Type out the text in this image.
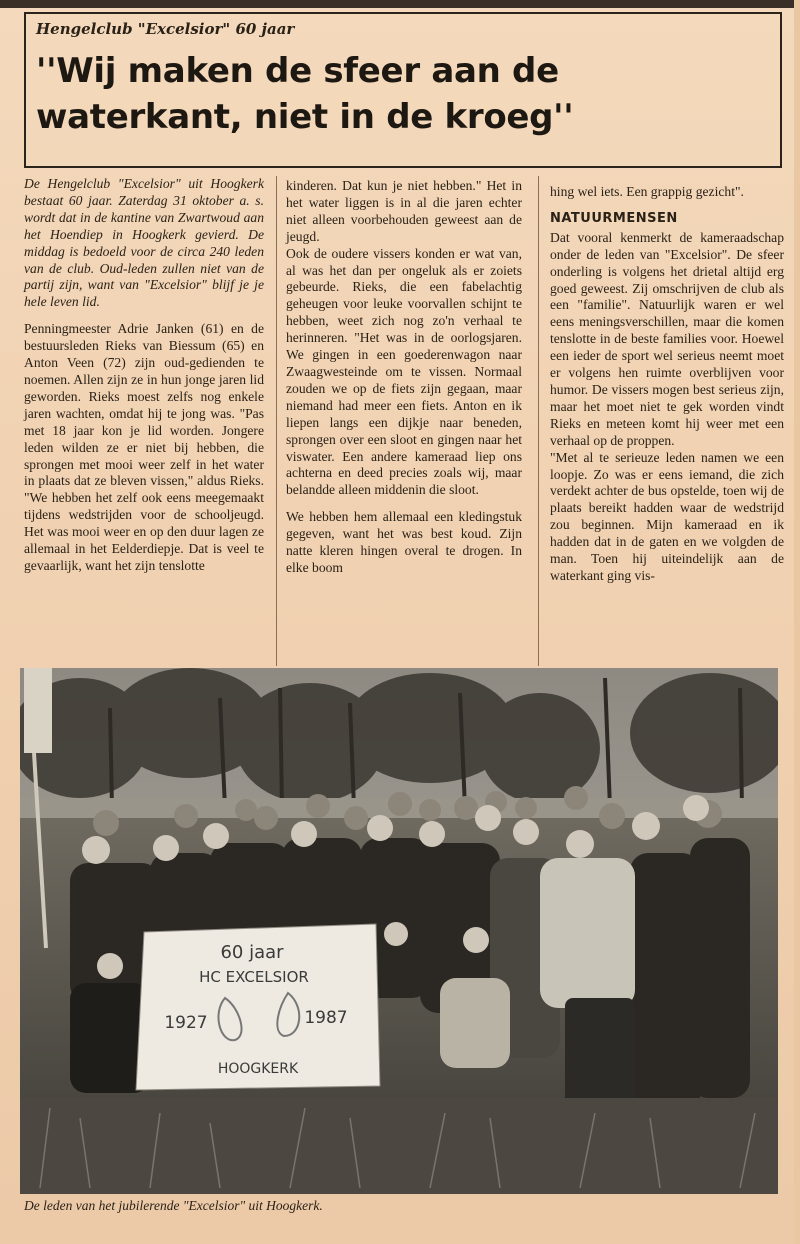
Hengelclub "Excelsior" 60 jaar
''Wij maken de sfeer aan de waterkant, niet in de kroeg''

De Hengelclub "Excelsior" uit Hoogkerk bestaat 60 jaar. Zaterdag 31 oktober a. s. wordt dat in de kantine van Zwartwoud aan het Hoendiep in Hoogkerk gevierd. De middag is bedoeld voor de circa 240 leden van de club. Oud-leden zullen niet van de partij zijn, want van "Excelsior" blijf je je hele leven lid.

Penningmeester Adrie Janken (61) en de bestuursleden Rieks van Biessum (65) en Anton Veen (72) zijn oud-gedienden te noemen. Allen zijn ze in hun jonge jaren lid geworden. Rieks moest zelfs nog enkele jaren wachten, omdat hij te jong was. "Pas met 18 jaar kon je lid worden. Jongere leden wilden ze er niet bij hebben, die sprongen met mooi weer zelf in het water in plaats dat ze bleven vissen," aldus Rieks. "We hebben het zelf ook eens meegemaakt tijdens wedstrijden voor de schooljeugd. Het was mooi weer en op den duur lagen ze allemaal in het Eelderdiepje. Dat is veel te gevaarlijk, want het zijn tenslotte

kinderen. Dat kun je niet hebben." Het in het water liggen is in al die jaren echter niet alleen voorbehouden geweest aan de jeugd.

Ook de oudere vissers konden er wat van, al was het dan per ongeluk als er zoiets gebeurde. Rieks, die een fabelachtig geheugen voor leuke voorvallen schijnt te hebben, weet zich nog zo'n verhaal te herinneren. "Het was in de oorlogsjaren. We gingen in een goederenwagon naar Zwaagwesteinde om te vissen. Normaal zouden we op de fiets zijn gegaan, maar niemand had meer een fiets. Anton en ik liepen langs een dijkje naar beneden, sprongen over een sloot en gingen naar het viswater. Een andere kameraad liep ons achterna en deed precies zoals wij, maar belandde alleen middenin die sloot.

We hebben hem allemaal een kledingstuk gegeven, want het was best koud. Zijn natte kleren hingen overal te drogen. In elke boom

hing wel iets. Een grappig gezicht".

NATUURMENSEN

Dat vooral kenmerkt de kameraadschap onder de leden van "Excelsior". De sfeer onderling is volgens het drietal altijd erg goed geweest. Zij omschrijven de club als een "familie". Natuurlijk waren er wel eens meningsverschillen, maar die komen tenslotte in de beste families voor. Hoewel een ieder de sport wel serieus neemt moet er volgens hen ruimte overblijven voor humor. De vissers mogen best serieus zijn, maar het moet niet te gek worden vindt Rieks en meteen komt hij weer met een verhaal op de proppen.

"Met al te serieuze leden namen we een loopje. Zo was er eens iemand, die zich verdekt achter de bus opstelde, toen wij de plaats bereikt hadden waar de wedstrijd zou beginnen. Mijn kameraad en ik hadden dat in de gaten en we volgden de man. Toen hij uiteindelijk aan de waterkant ging vis-

60 jaar
HC EXCELSIOR
1927	1987
HOOGKERK
De leden van het jubilerende "Excelsior" uit Hoogkerk.
